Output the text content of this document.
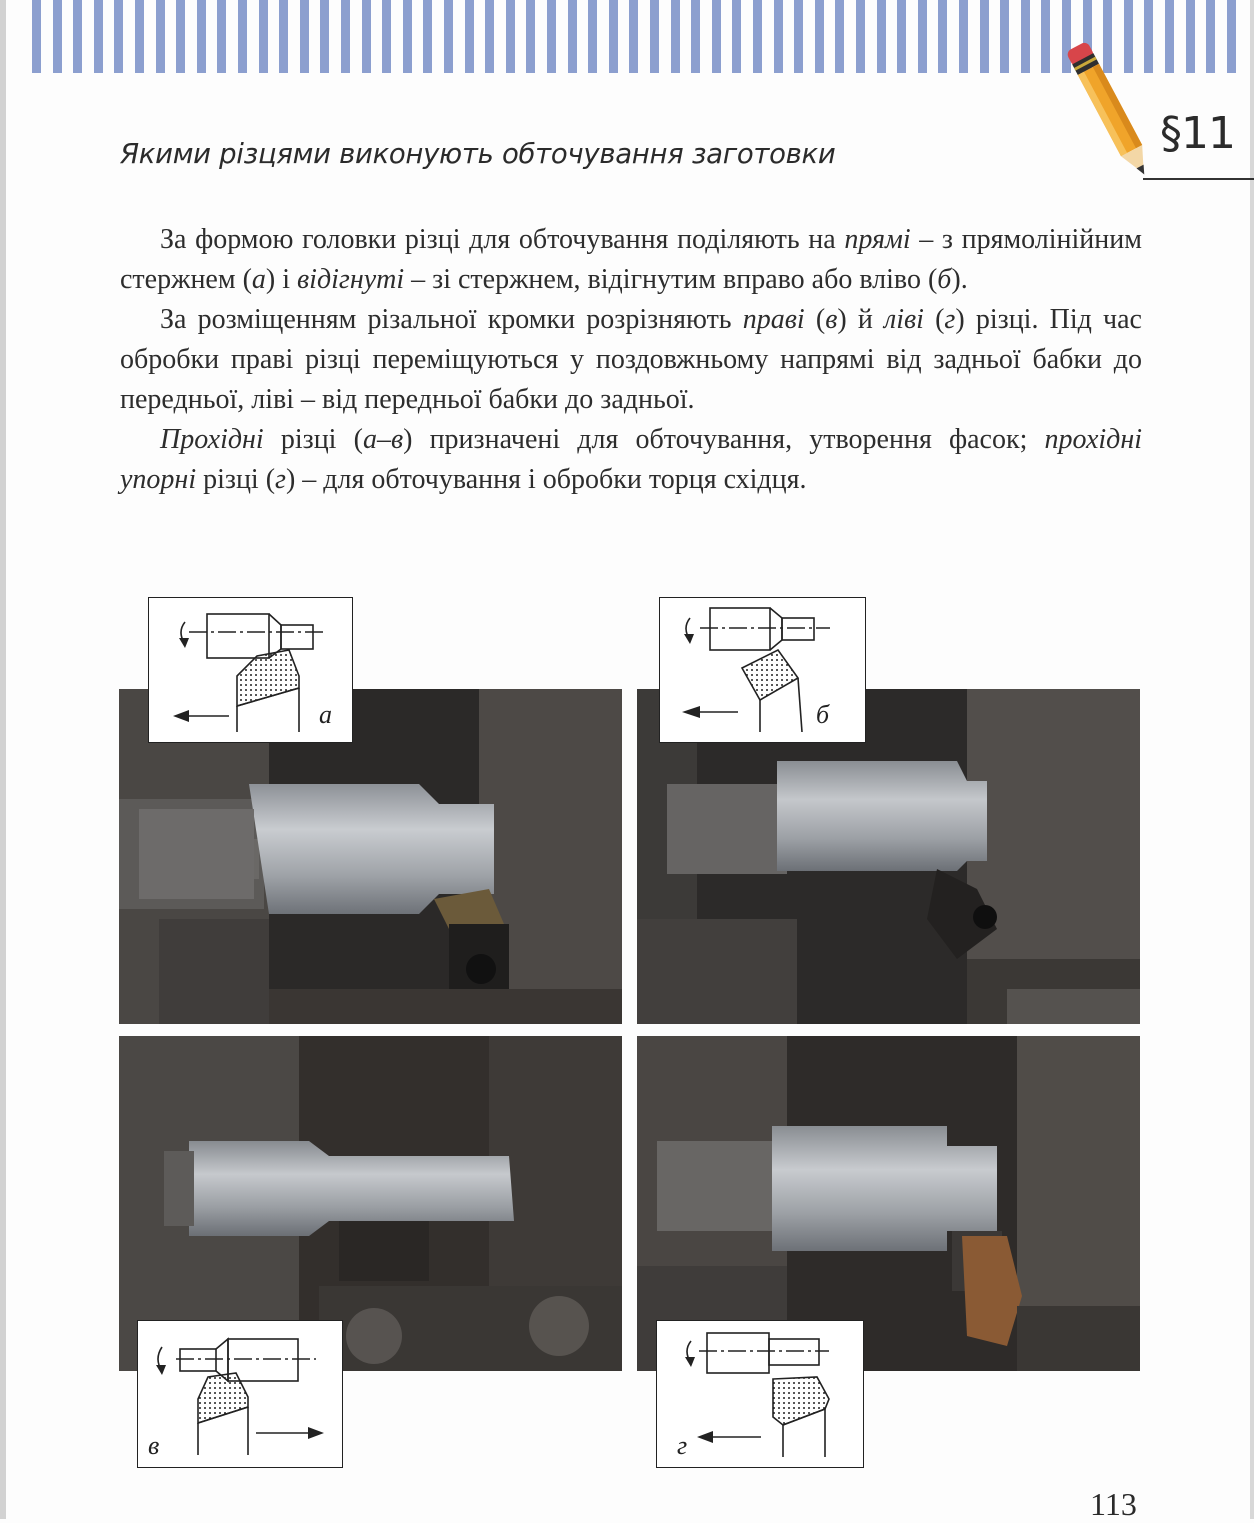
§11
Якими різцями виконують обточування заготовки

За формою головки різці для обточування поділяють на прямі – з прямолінійним стержнем (а) і відігнуті – зі стержнем, відігнутим вправо або вліво (б).

За розміщенням різальної кромки розрізняють праві (в) й ліві (г) різці. Під час обробки праві різці переміщуються у поздовжньому напрямі від задньої бабки до передньої, ліві – від передньої бабки до задньої.

Прохідні різці (а–в) призначені для обточування, утворення фасок; прохідні упорні різці (г) – для обточування і обробки торця східця.

а	б
в	г
113
